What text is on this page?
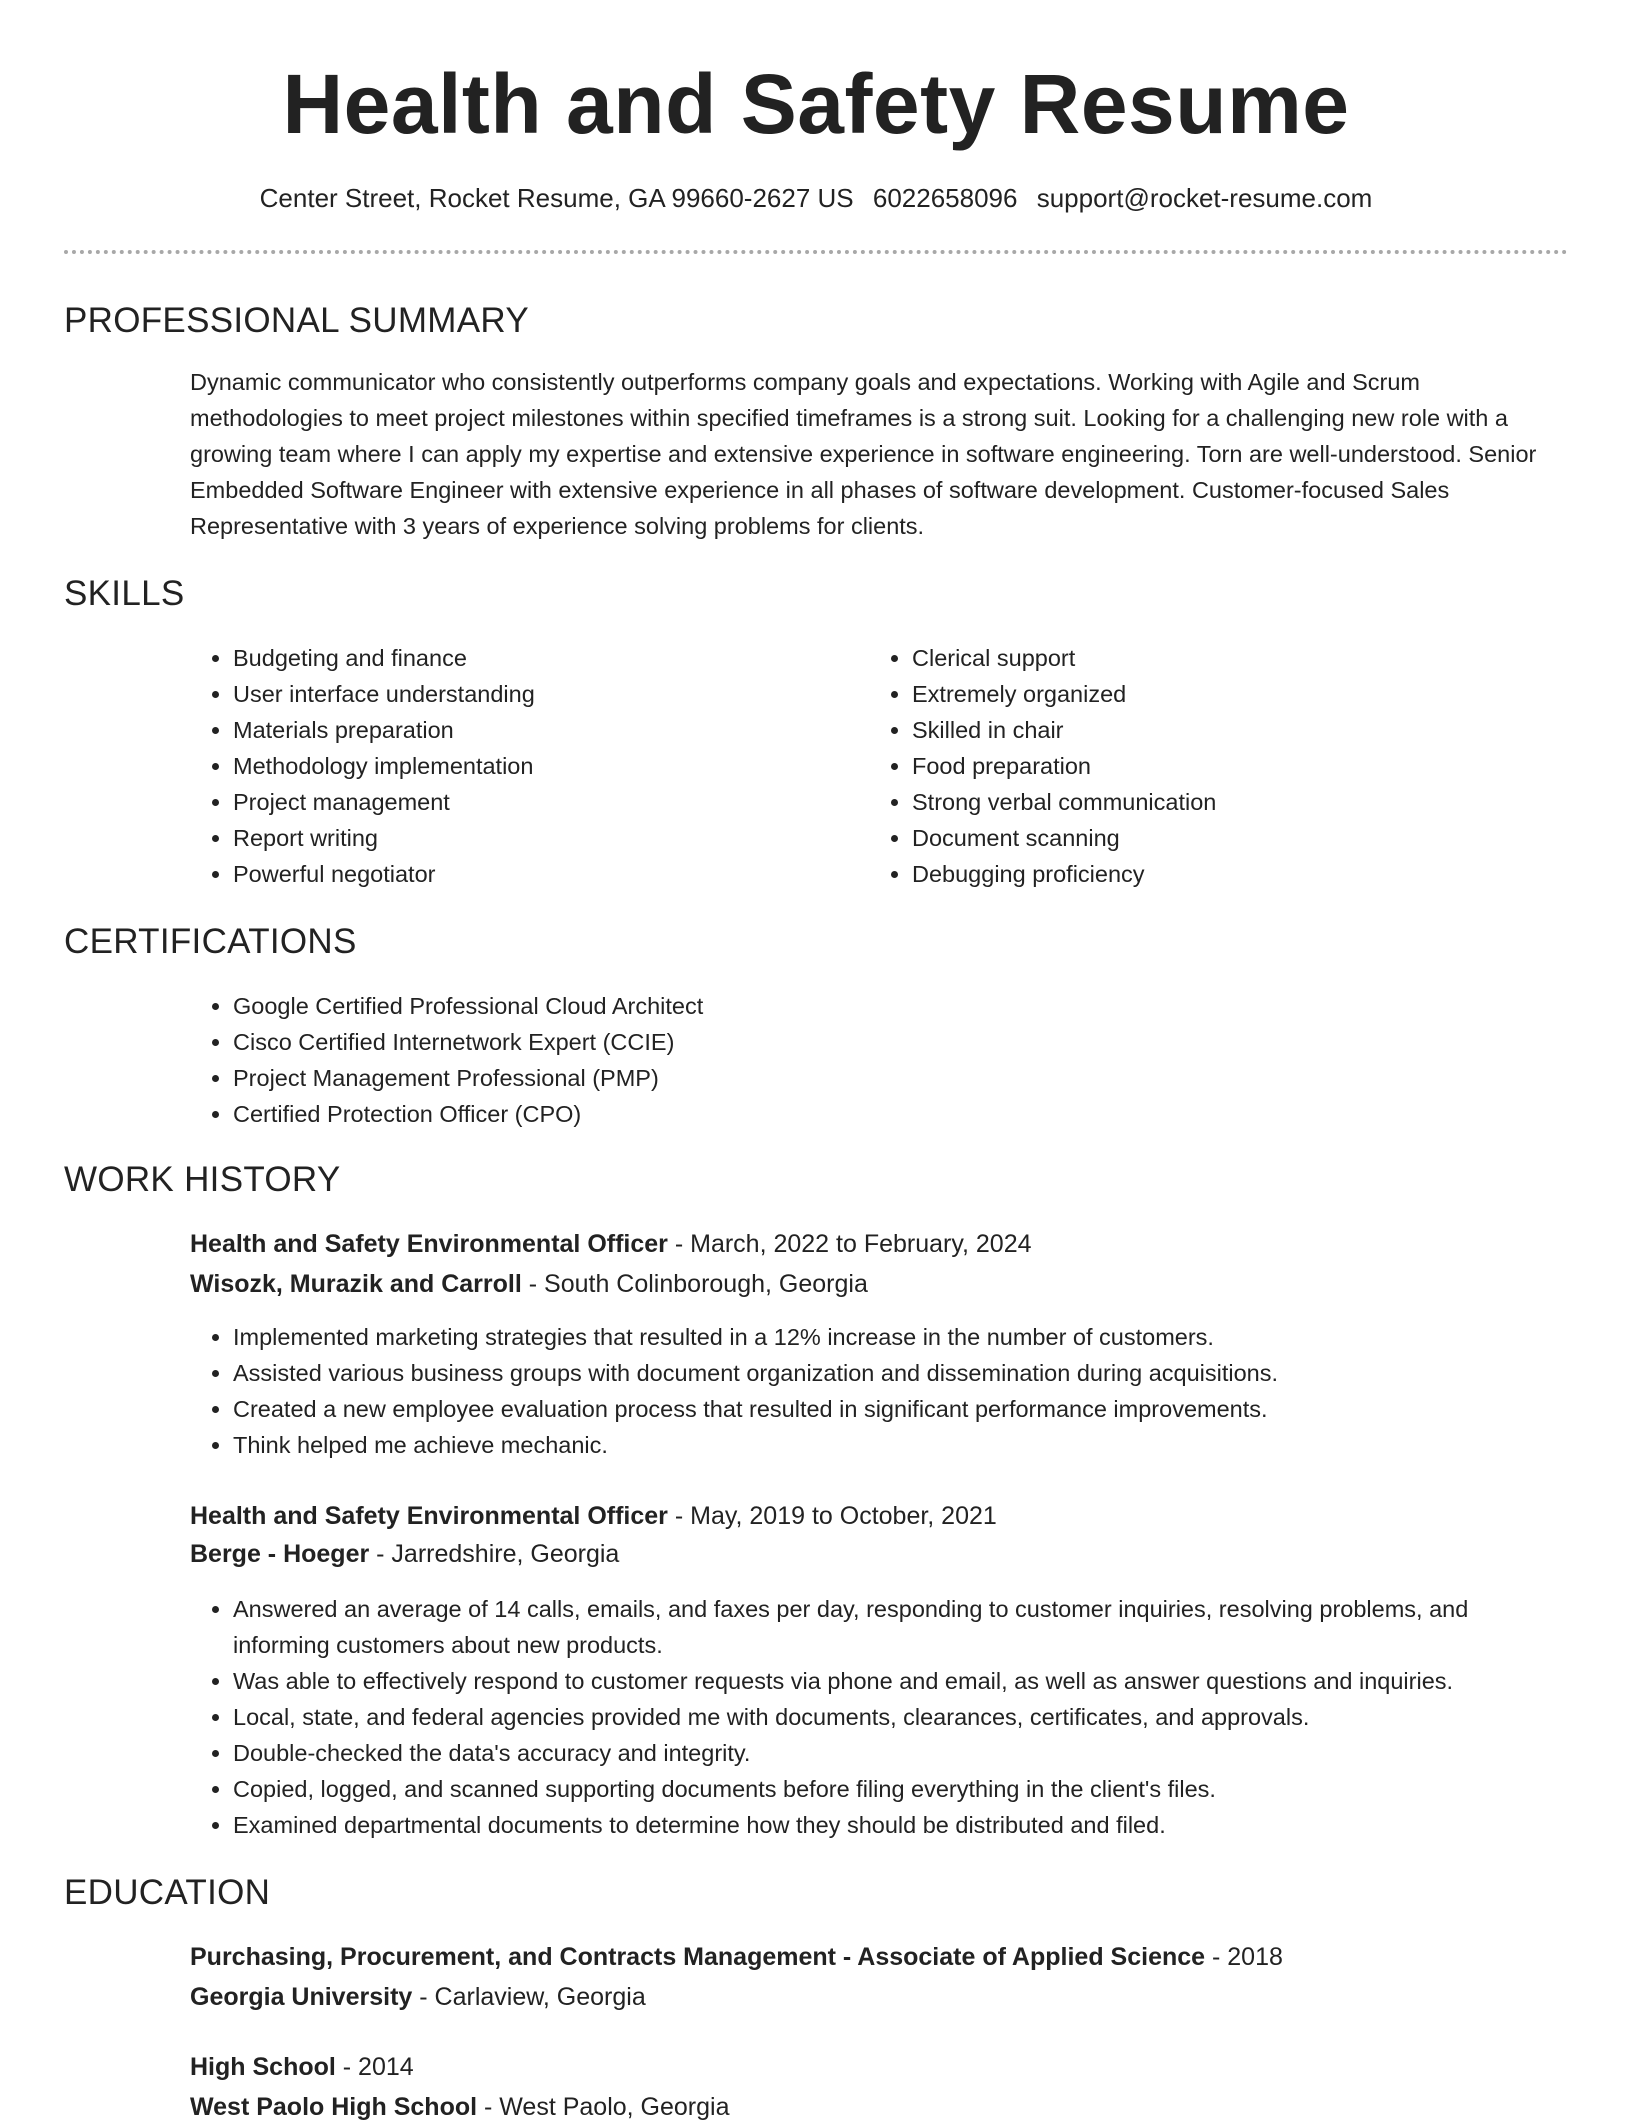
Health and Safety Resume
Center Street, Rocket Resume, GA 99660-2627 US 6022658096 support@rocket-resume.com
PROFESSIONAL SUMMARY

Dynamic communicator who consistently outperforms company goals and expectations. Working with Agile and Scrum methodologies to meet project milestones within specified timeframes is a strong suit. Looking for a challenging new role with a growing team where I can apply my expertise and extensive experience in software engineering. Torn are well-understood. Senior Embedded Software Engineer with extensive experience in all phases of software development. Customer-focused Sales Representative with 3 years of experience solving problems for clients.

SKILLS
• Budgeting and finance
• User interface understanding
• Materials preparation
• Methodology implementation
• Project management
• Report writing
• Powerful negotiator
• Clerical support
• Extremely organized
• Skilled in chair
• Food preparation
• Strong verbal communication
• Document scanning
• Debugging proficiency
CERTIFICATIONS
• Google Certified Professional Cloud Architect
• Cisco Certified Internetwork Expert (CCIE)
• Project Management Professional (PMP)
• Certified Protection Officer (CPO)
WORK HISTORY
Health and Safety Environmental Officer - March, 2022 to February, 2024
Wisozk, Murazik and Carroll - South Colinborough, Georgia
• Implemented marketing strategies that resulted in a 12% increase in the number of customers.
• Assisted various business groups with document organization and dissemination during acquisitions.
• Created a new employee evaluation process that resulted in significant performance improvements.
• Think helped me achieve mechanic.
Health and Safety Environmental Officer - May, 2019 to October, 2021
Berge - Hoeger - Jarredshire, Georgia
• Answered an average of 14 calls, emails, and faxes per day, responding to customer inquiries, resolving problems, and informing customers about new products.
• Was able to effectively respond to customer requests via phone and email, as well as answer questions and inquiries.
• Local, state, and federal agencies provided me with documents, clearances, certificates, and approvals.
• Double-checked the data's accuracy and integrity.
• Copied, logged, and scanned supporting documents before filing everything in the client's files.
• Examined departmental documents to determine how they should be distributed and filed.
EDUCATION
Purchasing, Procurement, and Contracts Management - Associate of Applied Science - 2018
Georgia University - Carlaview, Georgia
High School - 2014
West Paolo High School - West Paolo, Georgia
